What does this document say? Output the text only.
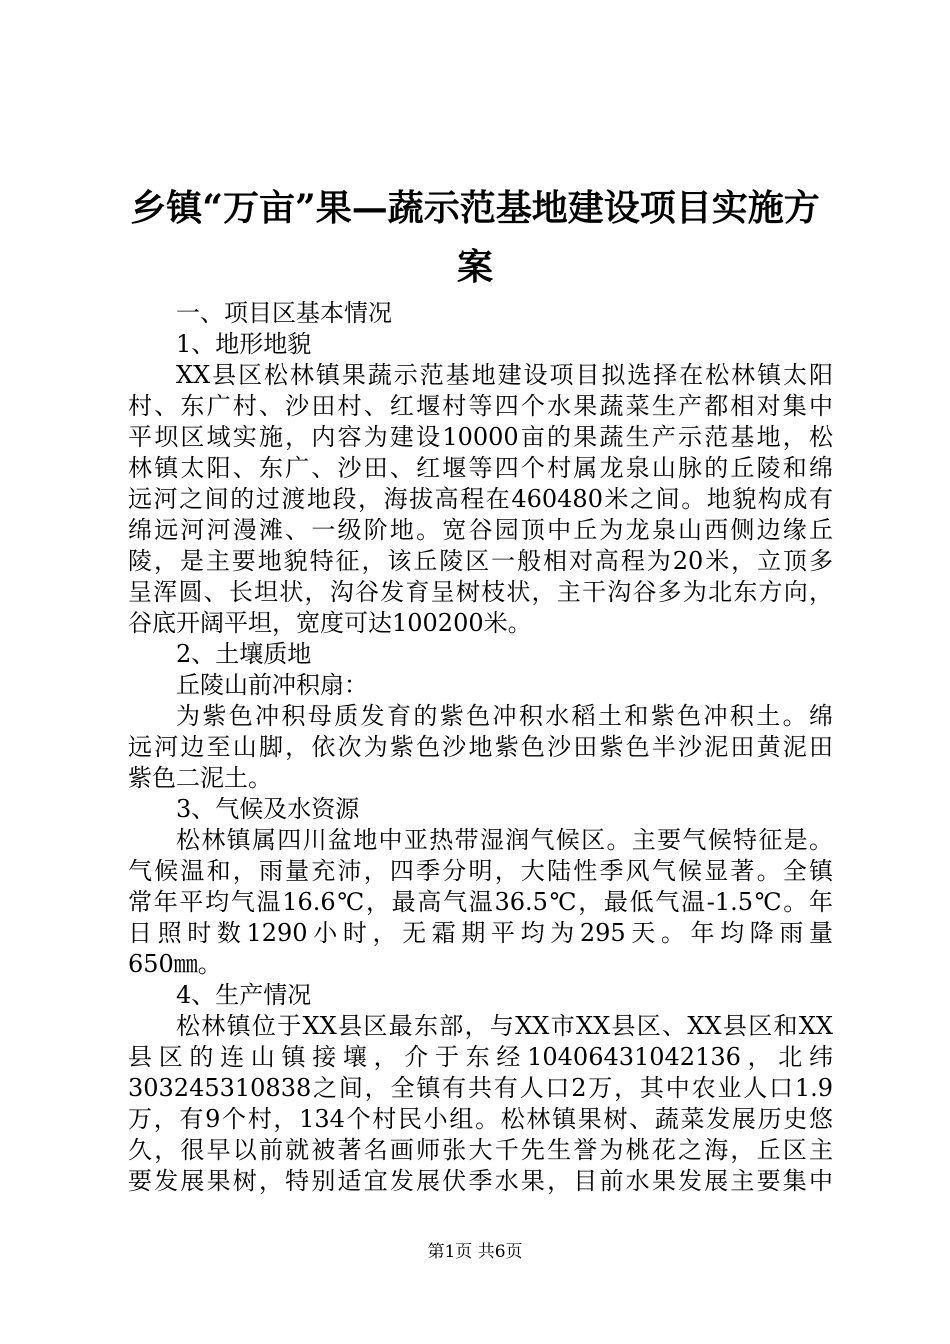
乡镇“万亩”果—蔬示范基地建设项目实施方
案
一、项目区基本情况
1、地形地貌
XX县区松林镇果蔬示范基地建设项目拟选择在松林镇太阳
村、东广村、沙田村、红堰村等四个水果蔬菜生产都相对集中
平坝区域实施，内容为建设10000亩的果蔬生产示范基地，松
林镇太阳、东广、沙田、红堰等四个村属龙泉山脉的丘陵和绵
远河之间的过渡地段，海拔高程在460480米之间。地貌构成有
绵远河河漫滩、一级阶地。宽谷园顶中丘为龙泉山西侧边缘丘
陵，是主要地貌特征，该丘陵区一般相对高程为20米，立顶多
呈浑圆、长坦状，沟谷发育呈树枝状，主干沟谷多为北东方向，
谷底开阔平坦，宽度可达100200米。
2、土壤质地
丘陵山前冲积扇：
为紫色冲积母质发育的紫色冲积水稻土和紫色冲积土。绵
远河边至山脚，依次为紫色沙地紫色沙田紫色半沙泥田黄泥田
紫色二泥土。
3、气候及水资源
松林镇属四川盆地中亚热带湿润气候区。主要气候特征是。
气候温和，雨量充沛，四季分明，大陆性季风气候显著。全镇
常年平均气温16.6℃，最高气温36.5℃，最低气温-1.5℃。年
日照时数1290小时，无霜期平均为295天。年均降雨量
650㎜。
4、生产情况
松林镇位于XX县区最东部，与XX市XX县区、XX县区和XX
县区的连山镇接壤，介于东经10406431042136，北纬
303245310838之间，全镇有共有人口2万，其中农业人口1.9
万，有9个村，134个村民小组。松林镇果树、蔬菜发展历史悠
久，很早以前就被著名画师张大千先生誉为桃花之海，丘区主
要发展果树，特别适宜发展伏季水果，目前水果发展主要集中
第1页 共6页
